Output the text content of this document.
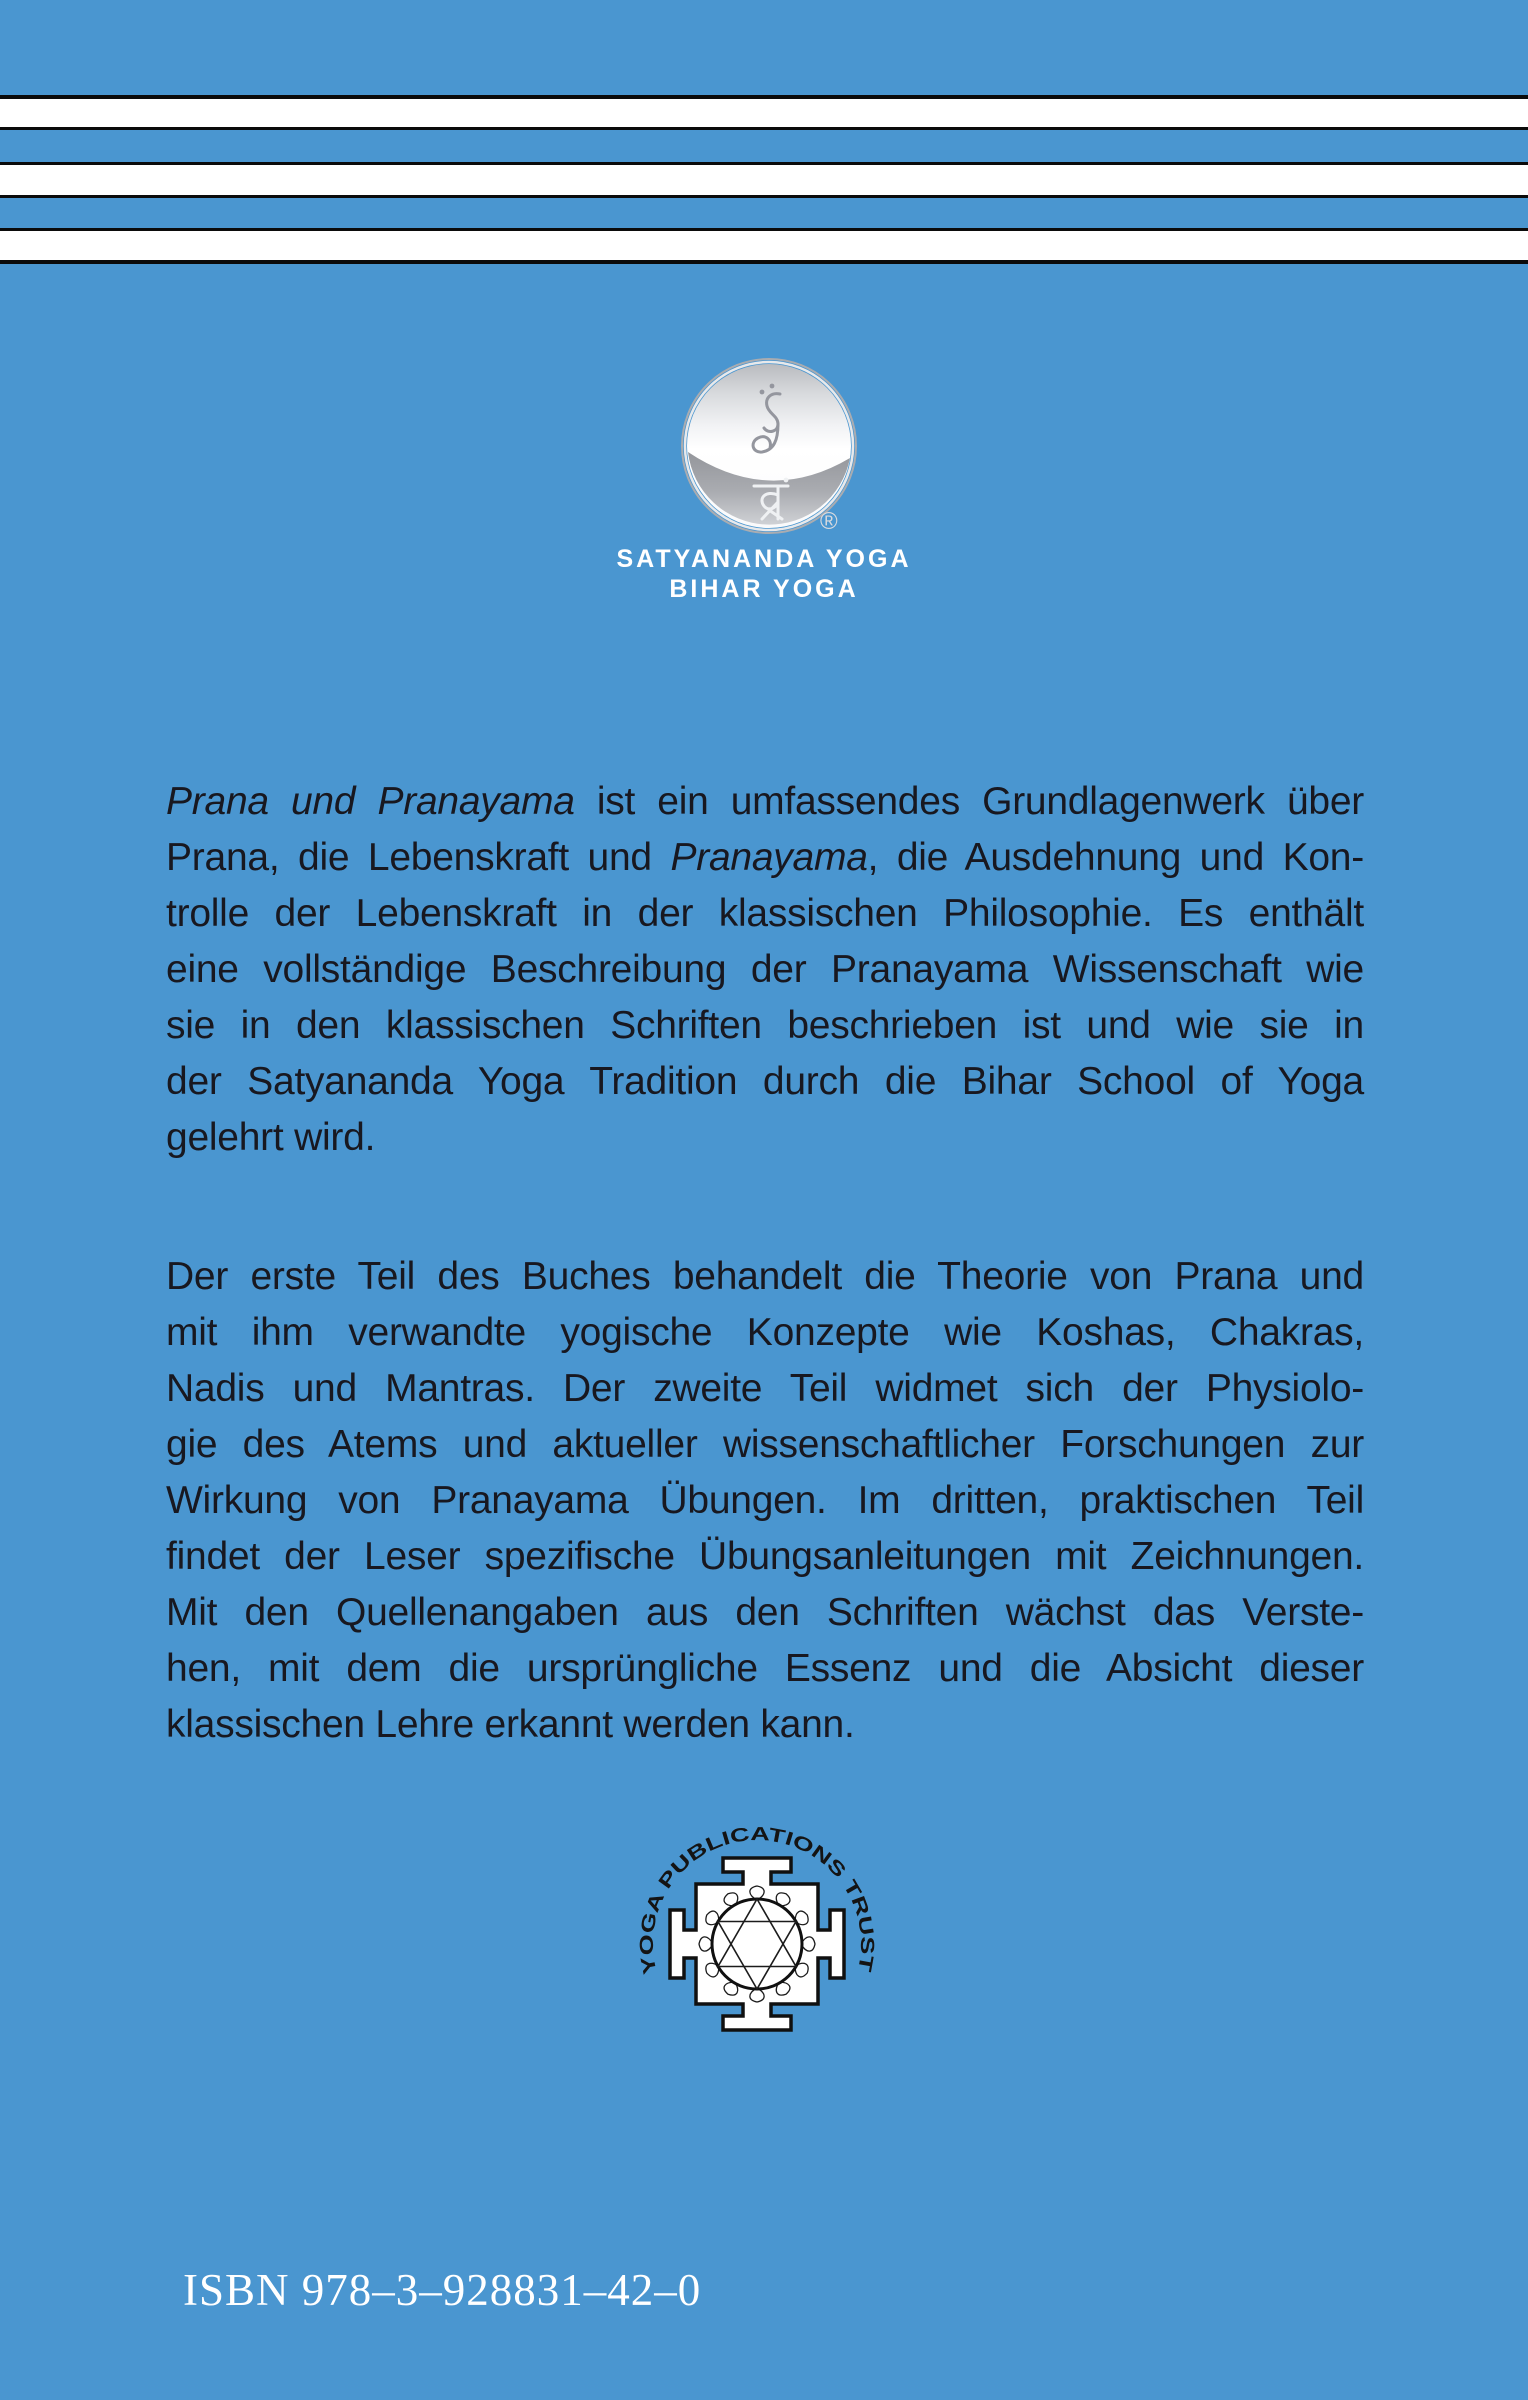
®
SATYANANDA YOGA
BIHAR YOGA
Prana und Pranayama ist ein umfassendes Grundlagenwerk über
Prana, die Lebenskraft und Pranayama, die Ausdehnung und Kon-
trolle der Lebenskraft in der klassischen Philosophie. Es enthält
eine vollständige Beschreibung der Pranayama Wissenschaft wie
sie in den klassischen Schriften beschrieben ist und wie sie in
der Satyananda Yoga Tradition durch die Bihar School of Yoga
gelehrt wird.
Der erste Teil des Buches behandelt die Theorie von Prana und
mit ihm verwandte yogische Konzepte wie Koshas, Chakras,
Nadis und Mantras. Der zweite Teil widmet sich der Physiolo-
gie des Atems und aktueller wissenschaftlicher Forschungen zur
Wirkung von Pranayama Übungen. Im dritten, praktischen Teil
findet der Leser spezifische Übungsanleitungen mit Zeichnungen.
Mit den Quellenangaben aus den Schriften wächst das Verste-
hen, mit dem die ursprüngliche Essenz und die Absicht dieser
klassischen Lehre erkannt werden kann.
YOGA PUBLICATIONS TRUST
ISBN 978–3–928831–42–0
